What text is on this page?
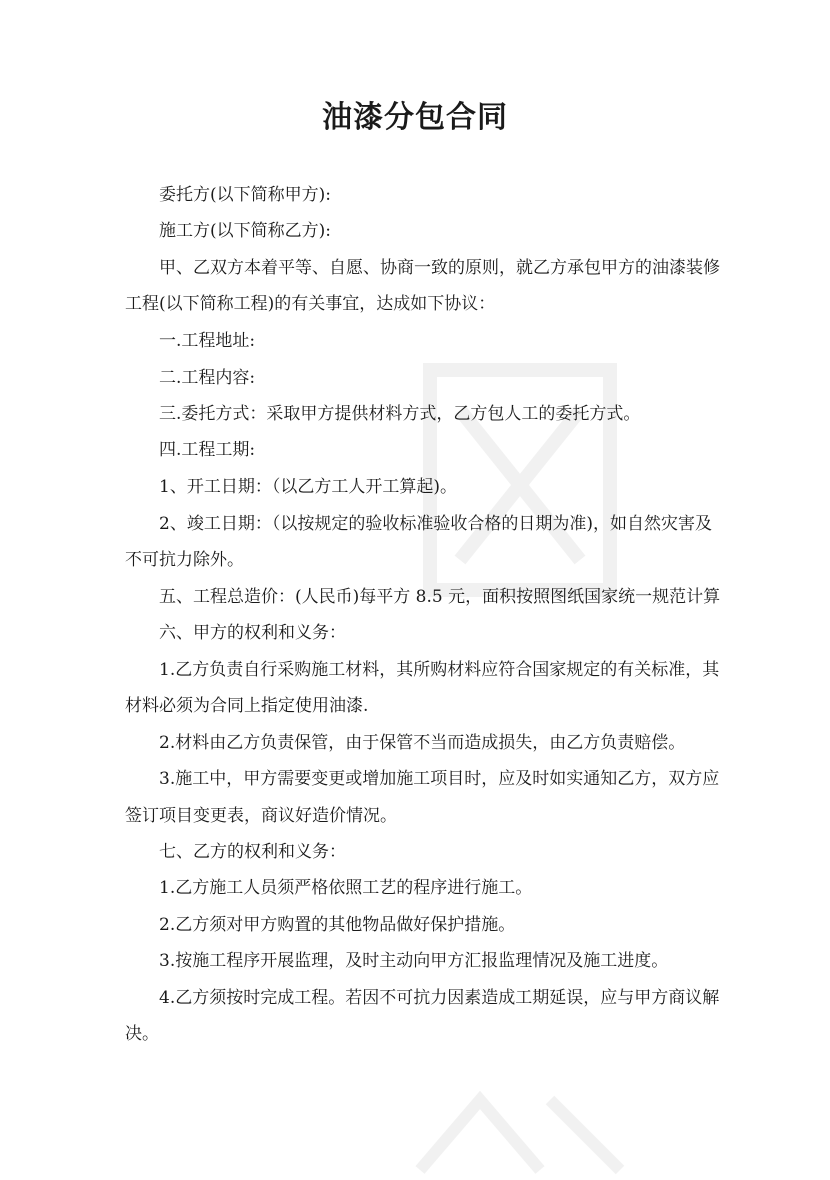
油漆分包合同

委托方(以下简称甲方):

施工方(以下简称乙方):

甲、乙双方本着平等、自愿、协商一致的原则，就乙方承包甲方的油漆装修

工程(以下简称工程)的有关事宜，达成如下协议：

一.工程地址:

二.工程内容:

三.委托方式：采取甲方提供材料方式，乙方包人工的委托方式。

四.工程工期:

1、开工日期：（以乙方工人开工算起)。

2、竣工日期：（以按规定的验收标准验收合格的日期为准)，如自然灾害及

不可抗力除外。

五、工程总造价：(人民币)每平方 8.5 元，面积按照图纸国家统一规范计算

六、甲方的权利和义务：

1.乙方负责自行采购施工材料，其所购材料应符合国家规定的有关标准，其

材料必须为合同上指定使用油漆.

2.材料由乙方负责保管，由于保管不当而造成损失，由乙方负责赔偿。

3.施工中，甲方需要变更或增加施工项目时，应及时如实通知乙方，双方应

签订项目变更表，商议好造价情况。

七、乙方的权利和义务：

1.乙方施工人员须严格依照工艺的程序进行施工。

2.乙方须对甲方购置的其他物品做好保护措施。

3.按施工程序开展监理，及时主动向甲方汇报监理情况及施工进度。

4.乙方须按时完成工程。若因不可抗力因素造成工期延误，应与甲方商议解

决。
